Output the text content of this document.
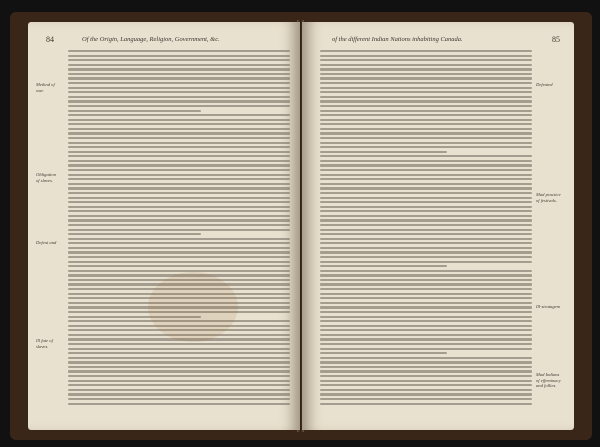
84	Of the Origin, Language, Religion, Government, &c.
Method of
war.
Obligation
of slaves.
Defeat and
Ill fate of
slaves.
85
of the different Indian Nations inhabiting Canada.
Defeated
Mad practice
of festivals.
Ill-stratagem
Mad Indians
of effeminacy
and follies.
